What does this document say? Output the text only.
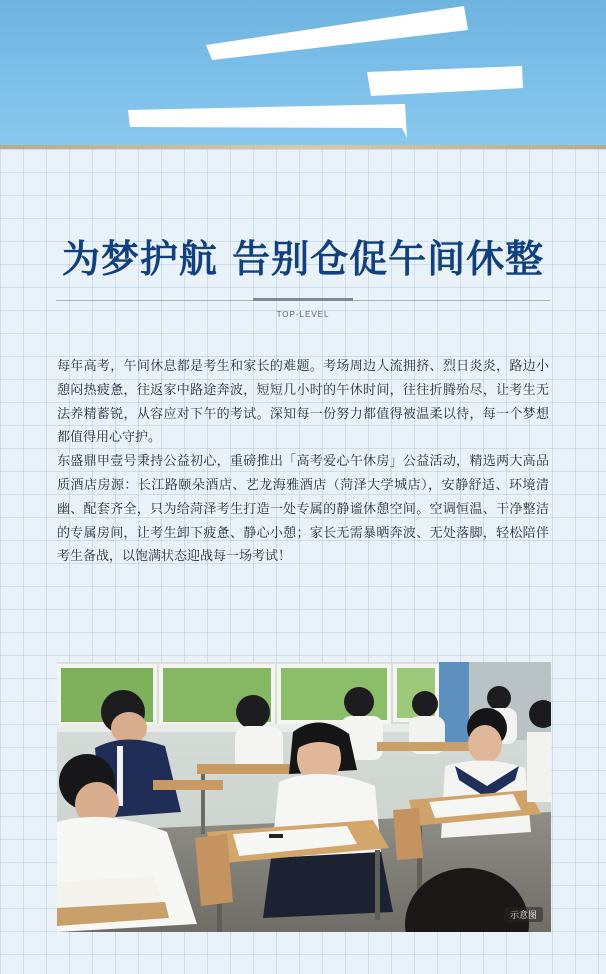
为梦护航 告别仓促午间休整
TOP-LEVEL

每年高考，午间休息都是考生和家长的难题。考场周边人流拥挤、烈日炎炎，路边小憩闷热疲惫，往返家中路途奔波，短短几小时的午休时间，往往折腾殆尽，让考生无法养精蓄锐，从容应对下午的考试。深知每一份努力都值得被温柔以待，每一个梦想都值得用心守护。

东盛鼎甲壹号秉持公益初心，重磅推出「高考爱心午休房」公益活动，精选两大高品质酒店房源：长江路颐朵酒店、艺龙海雅酒店（菏泽大学城店），安静舒适、环境清幽、配套齐全，只为给菏泽考生打造一处专属的静谧休憩空间。空调恒温、干净整洁的专属房间，让考生卸下疲惫、静心小憩；家长无需暴晒奔波、无处落脚，轻松陪伴考生备战，以饱满状态迎战每一场考试！

示意图
